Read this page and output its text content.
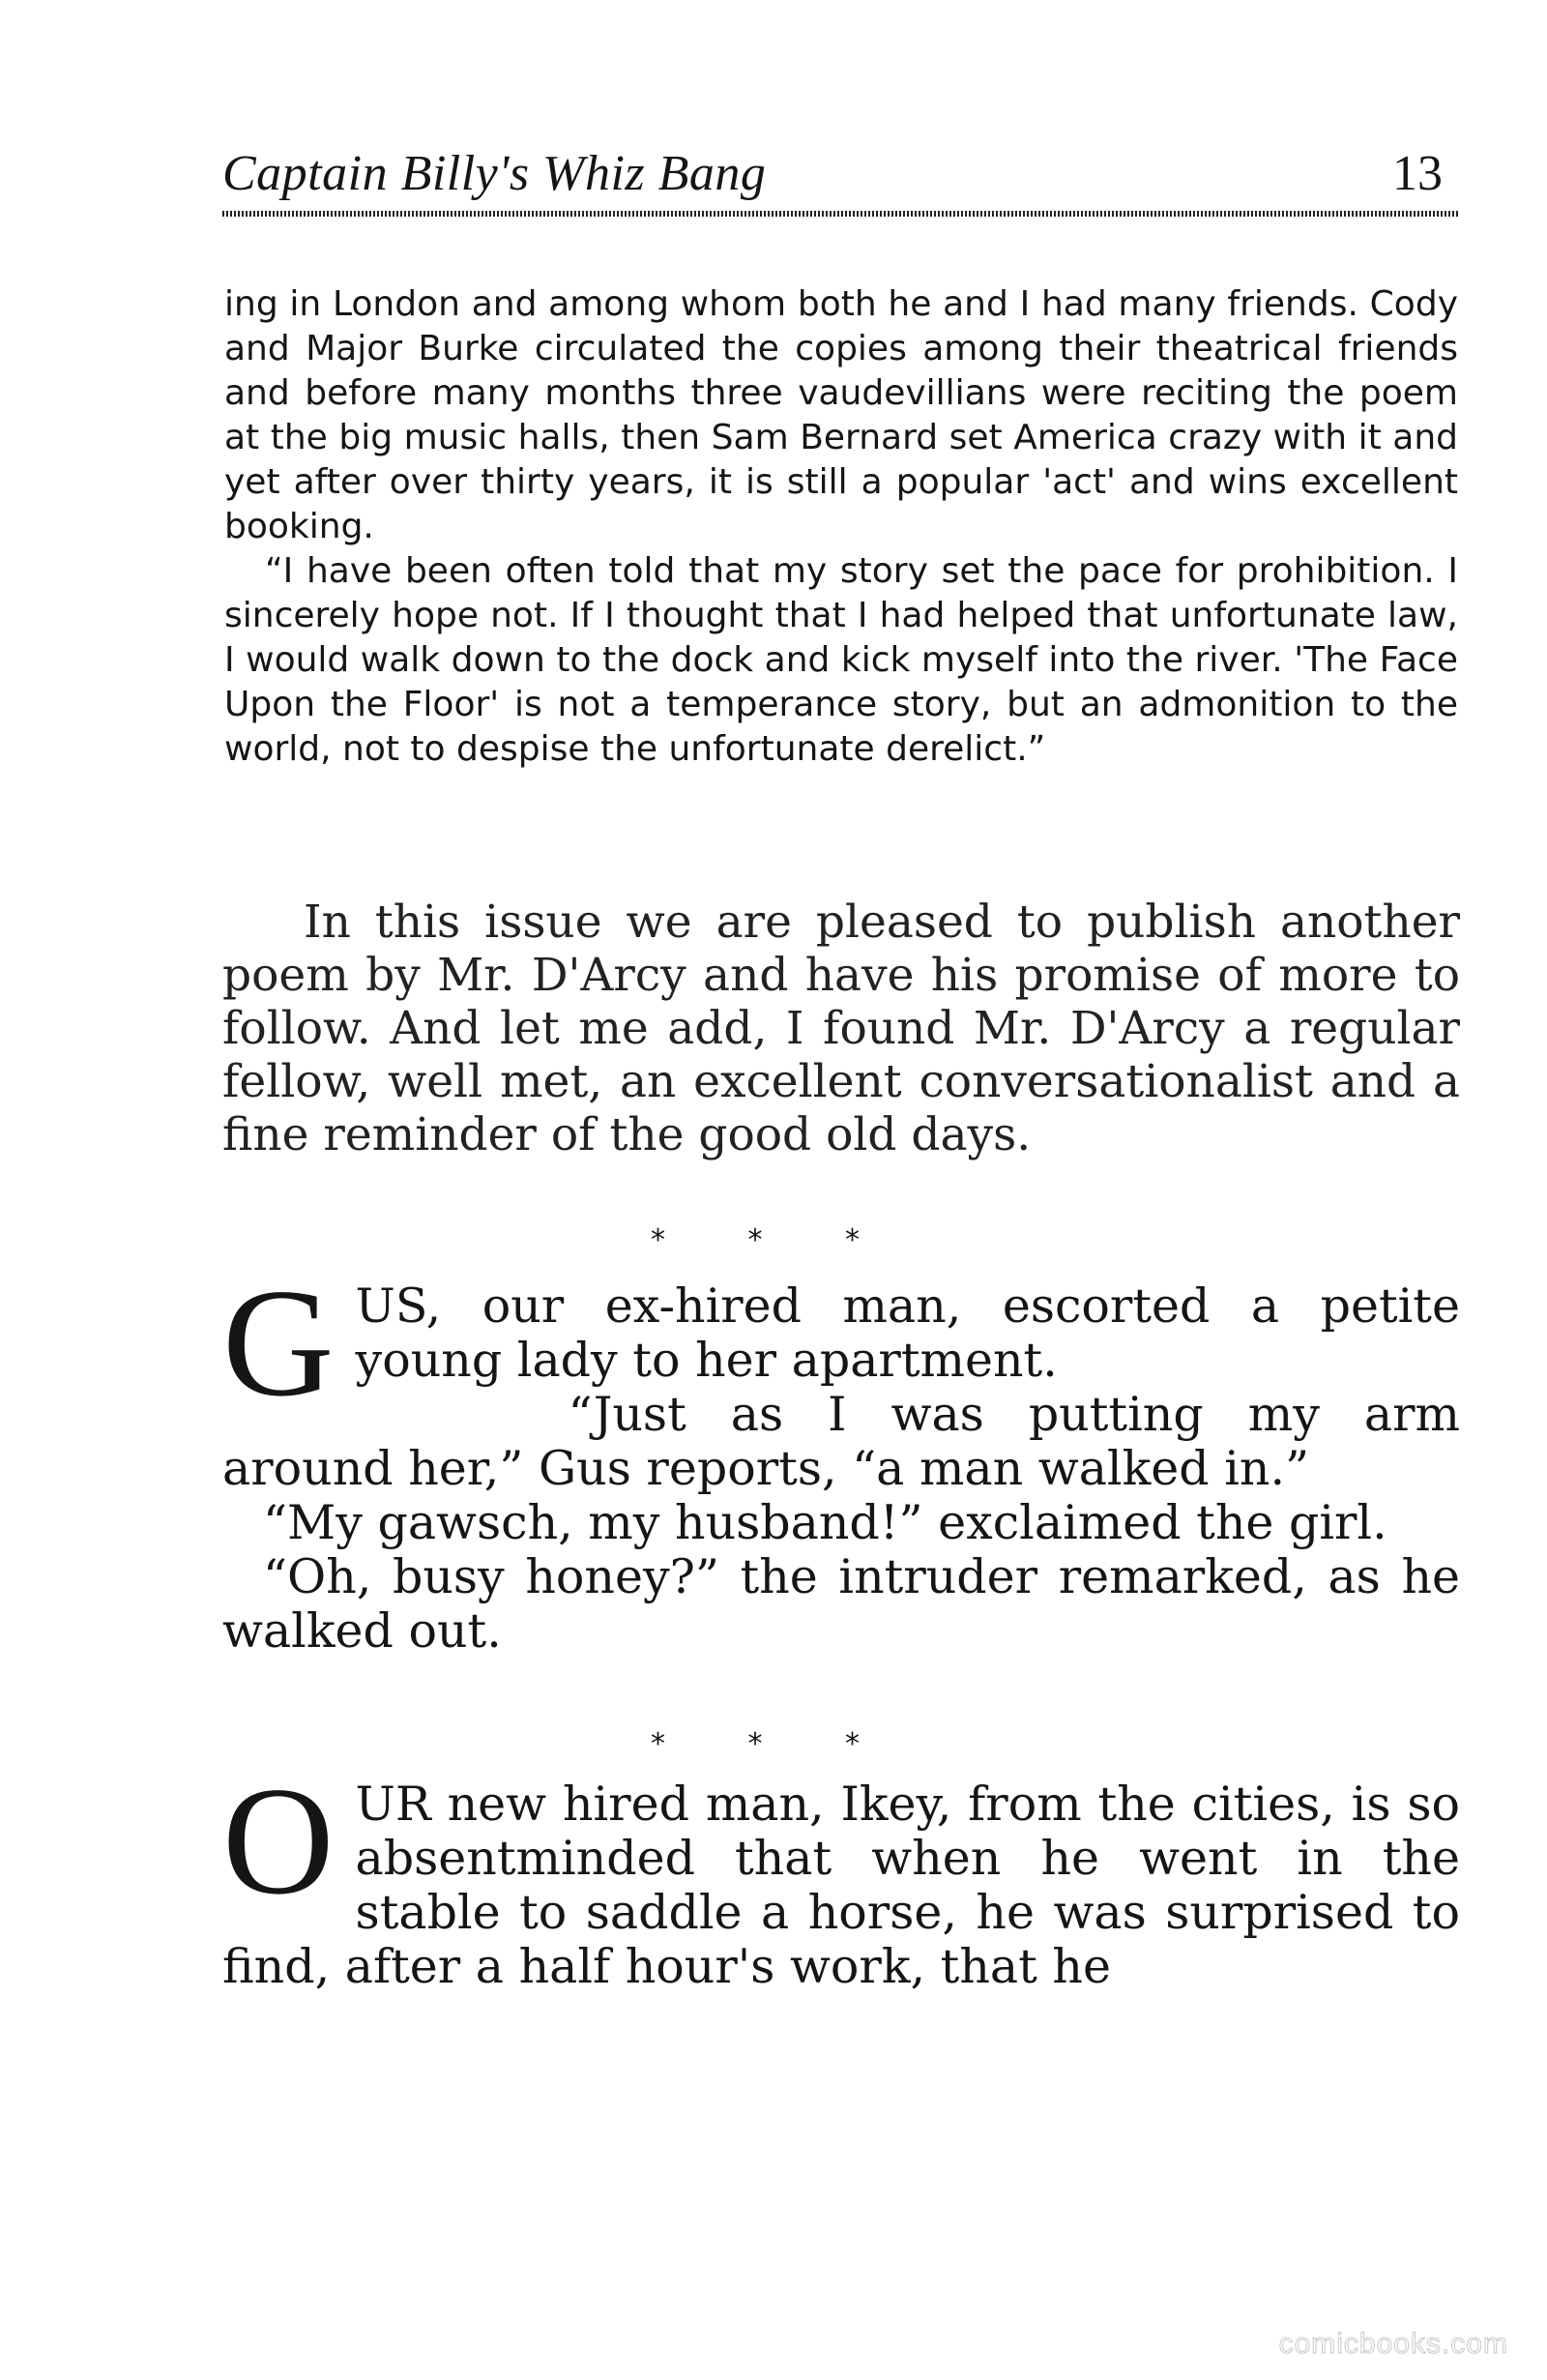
Captain Billy's Whiz Bang	13

ing in London and among whom both he and I had many friends. Cody and Major Burke circulated the copies among their theatrical friends and before many months three vaudevillians were reciting the poem at the big music halls, then Sam Bernard set America crazy with it and yet after over thirty years, it is still a popular 'act' and wins excellent booking.

“I have been often told that my story set the pace for prohibition. I sincerely hope not. If I thought that I had helped that unfortunate law, I would walk down to the dock and kick myself into the river. 'The Face Upon the Floor' is not a temperance story, but an admonition to the world, not to despise the unfortunate derelict.”

In this issue we are pleased to publish another poem by Mr. D'Arcy and have his promise of more to follow. And let me add, I found Mr. D'Arcy a regular fellow, well met, an excellent conversationalist and a fine reminder of the good old days.

* * *

GUS, our ex-hired man, escorted a petite young lady to her apartment.

“Just as I was putting my arm around her,” Gus reports, “a man walked in.”

“My gawsch, my husband!” exclaimed the girl.

“Oh, busy honey?” the intruder remarked, as he walked out.

* * *

OUR new hired man, Ikey, from the cities, is so absentminded that when he went in the stable to saddle a horse, he was surprised to find, after a half hour's work, that he

comicbooks.com
